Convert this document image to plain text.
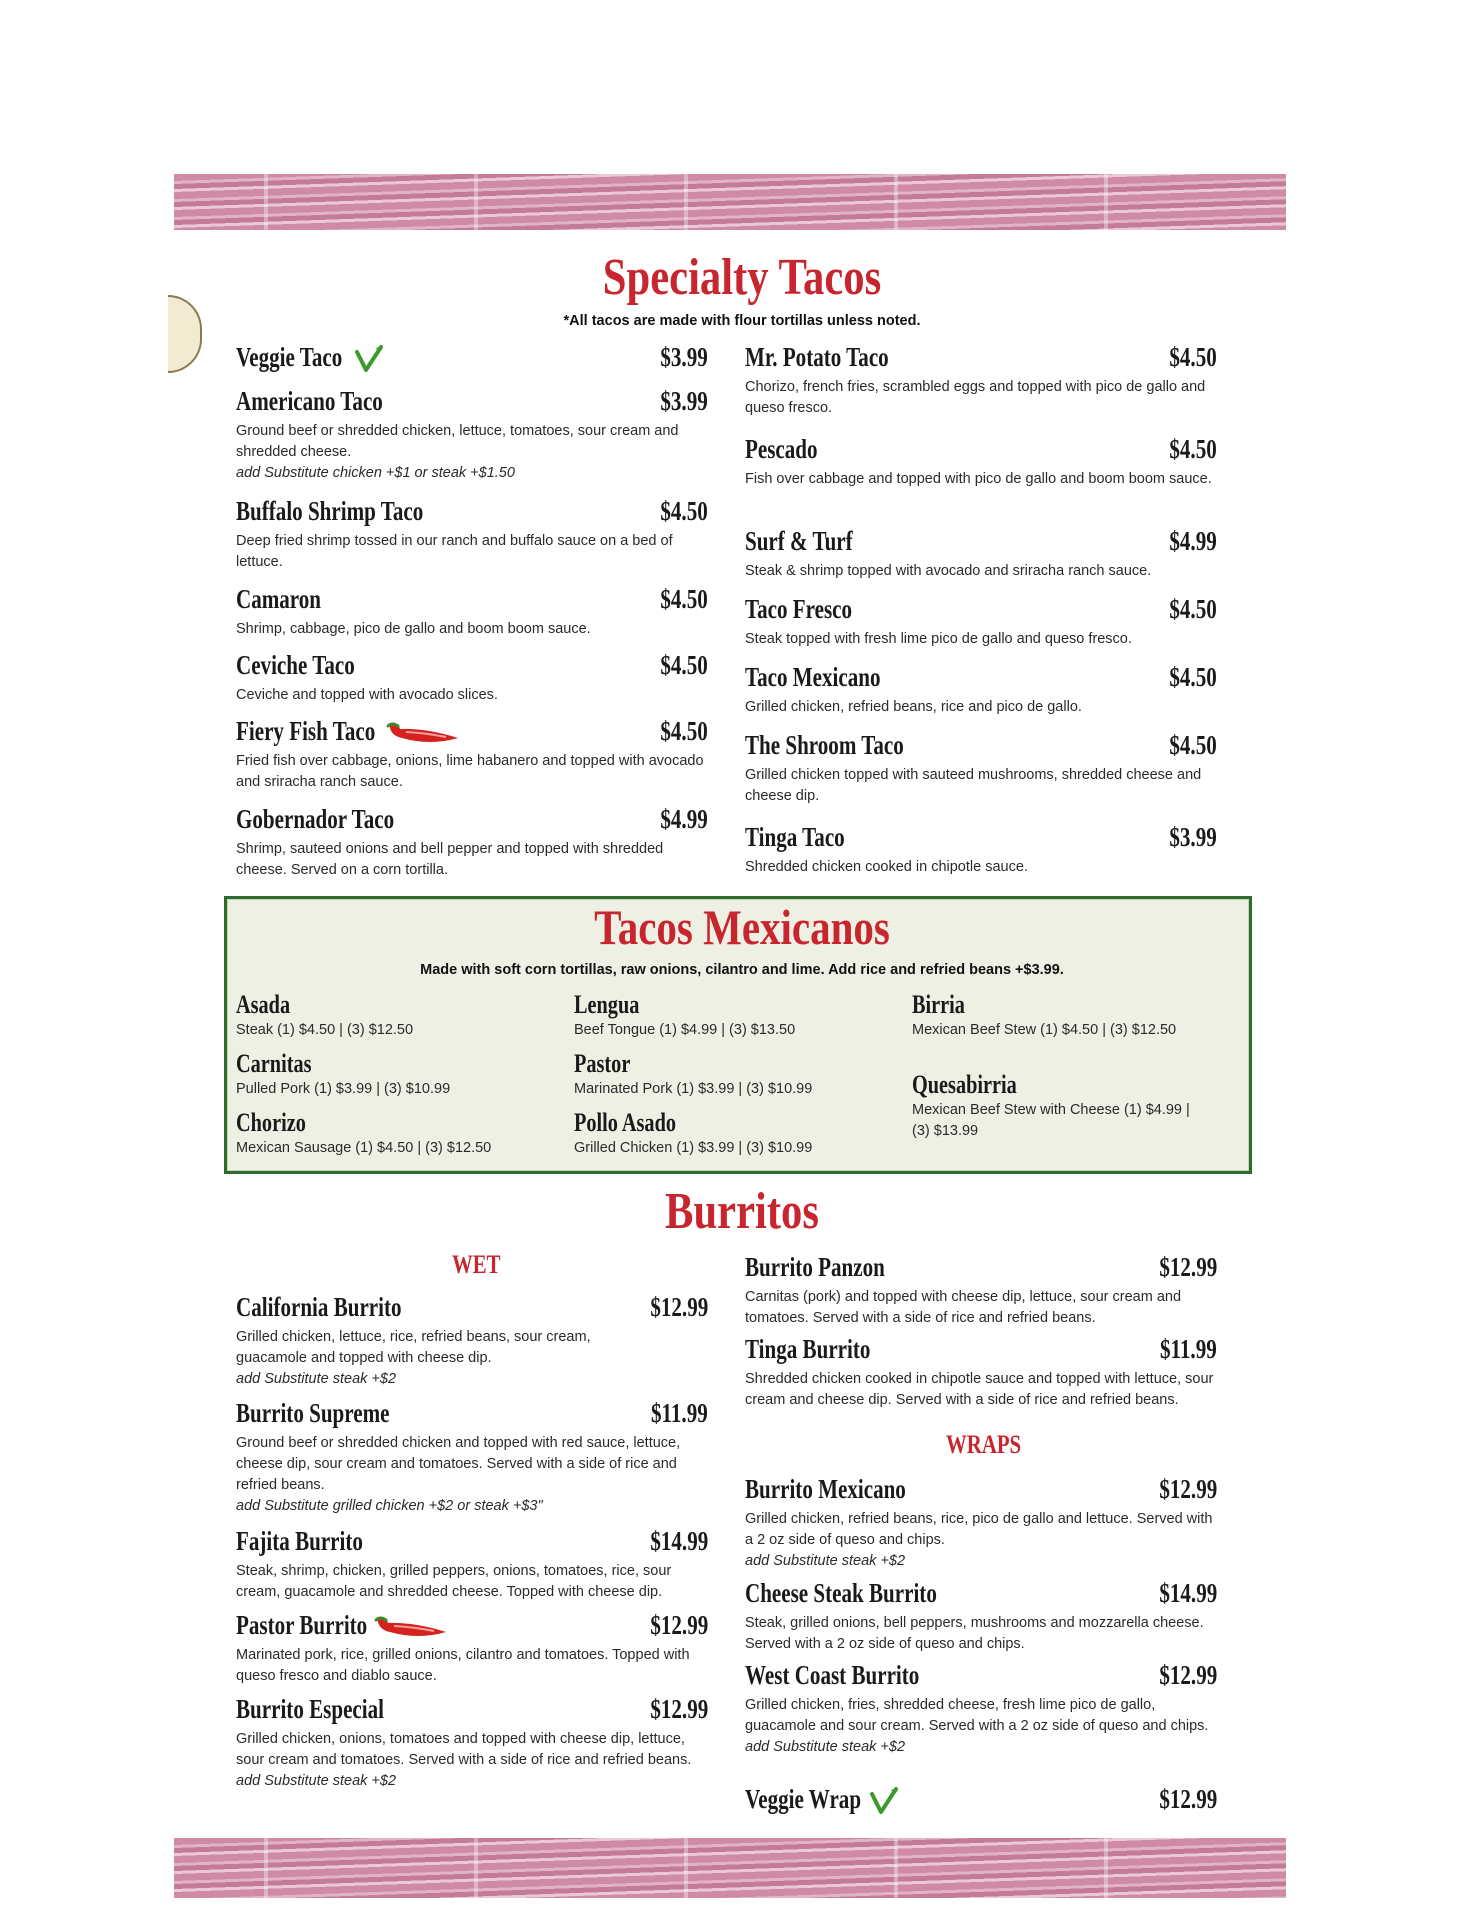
Specialty Tacos
*All tacos are made with flour tortillas unless noted.
Veggie Taco	$3.99
Americano Taco	$3.99
Ground beef or shredded chicken, lettuce, tomatoes, sour cream and shredded cheese.
add Substitute chicken +$1 or steak +$1.50
Buffalo Shrimp Taco	$4.50
Deep fried shrimp tossed in our ranch and buffalo sauce on a bed of lettuce.
Camaron	$4.50
Shrimp, cabbage, pico de gallo and boom boom sauce.
Ceviche Taco	$4.50
Ceviche and topped with avocado slices.
Fiery Fish Taco	$4.50
Fried fish over cabbage, onions, lime habanero and topped with avocado and sriracha ranch sauce.
Gobernador Taco	$4.99
Shrimp, sauteed onions and bell pepper and topped with shredded cheese. Served on a corn tortilla.
Mr. Potato Taco	$4.50
Chorizo, french fries, scrambled eggs and topped with pico de gallo and queso fresco.
Pescado	$4.50
Fish over cabbage and topped with pico de gallo and boom boom sauce.
Surf & Turf	$4.99
Steak & shrimp topped with avocado and sriracha ranch sauce.
Taco Fresco	$4.50
Steak topped with fresh lime pico de gallo and queso fresco.
Taco Mexicano	$4.50
Grilled chicken, refried beans, rice and pico de gallo.
The Shroom Taco	$4.50
Grilled chicken topped with sauteed mushrooms, shredded cheese and cheese dip.
Tinga Taco	$3.99
Shredded chicken cooked in chipotle sauce.
Tacos Mexicanos
Made with soft corn tortillas, raw onions, cilantro and lime. Add rice and refried beans +$3.99.
Asada
Steak (1) $4.50 | (3) $12.50
Carnitas
Pulled Pork (1) $3.99 | (3) $10.99
Chorizo
Mexican Sausage (1) $4.50 | (3) $12.50
Lengua
Beef Tongue (1) $4.99 | (3) $13.50
Pastor
Marinated Pork (1) $3.99 | (3) $10.99
Pollo Asado
Grilled Chicken (1) $3.99 | (3) $10.99
Birria
Mexican Beef Stew (1) $4.50 | (3) $12.50
Quesabirria
Mexican Beef Stew with Cheese (1) $4.99 | (3) $13.99
Burritos
WET
WRAPS
California Burrito	$12.99
Grilled chicken, lettuce, rice, refried beans, sour cream, guacamole and topped with cheese dip.
add Substitute steak +$2
Burrito Supreme	$11.99
Ground beef or shredded chicken and topped with red sauce, lettuce, cheese dip, sour cream and tomatoes. Served with a side of rice and refried beans.
add Substitute grilled chicken +$2 or steak +$3"
Fajita Burrito	$14.99
Steak, shrimp, chicken, grilled peppers, onions, tomatoes, rice, sour cream, guacamole and shredded cheese. Topped with cheese dip.
Pastor Burrito	$12.99
Marinated pork, rice, grilled onions, cilantro and tomatoes. Topped with queso fresco and diablo sauce.
Burrito Especial	$12.99
Grilled chicken, onions, tomatoes and topped with cheese dip, lettuce, sour cream and tomatoes. Served with a side of rice and refried beans.
add Substitute steak +$2
Burrito Panzon	$12.99
Carnitas (pork) and topped with cheese dip, lettuce, sour cream and tomatoes. Served with a side of rice and refried beans.
Tinga Burrito	$11.99
Shredded chicken cooked in chipotle sauce and topped with lettuce, sour cream and cheese dip. Served with a side of rice and refried beans.
Burrito Mexicano	$12.99
Grilled chicken, refried beans, rice, pico de gallo and lettuce. Served with a 2 oz side of queso and chips.
add Substitute steak +$2
Cheese Steak Burrito	$14.99
Steak, grilled onions, bell peppers, mushrooms and mozzarella cheese. Served with a 2 oz side of queso and chips.
West Coast Burrito	$12.99
Grilled chicken, fries, shredded cheese, fresh lime pico de gallo, guacamole and sour cream. Served with a 2 oz side of queso and chips.
add Substitute steak +$2
Veggie Wrap	$12.99
